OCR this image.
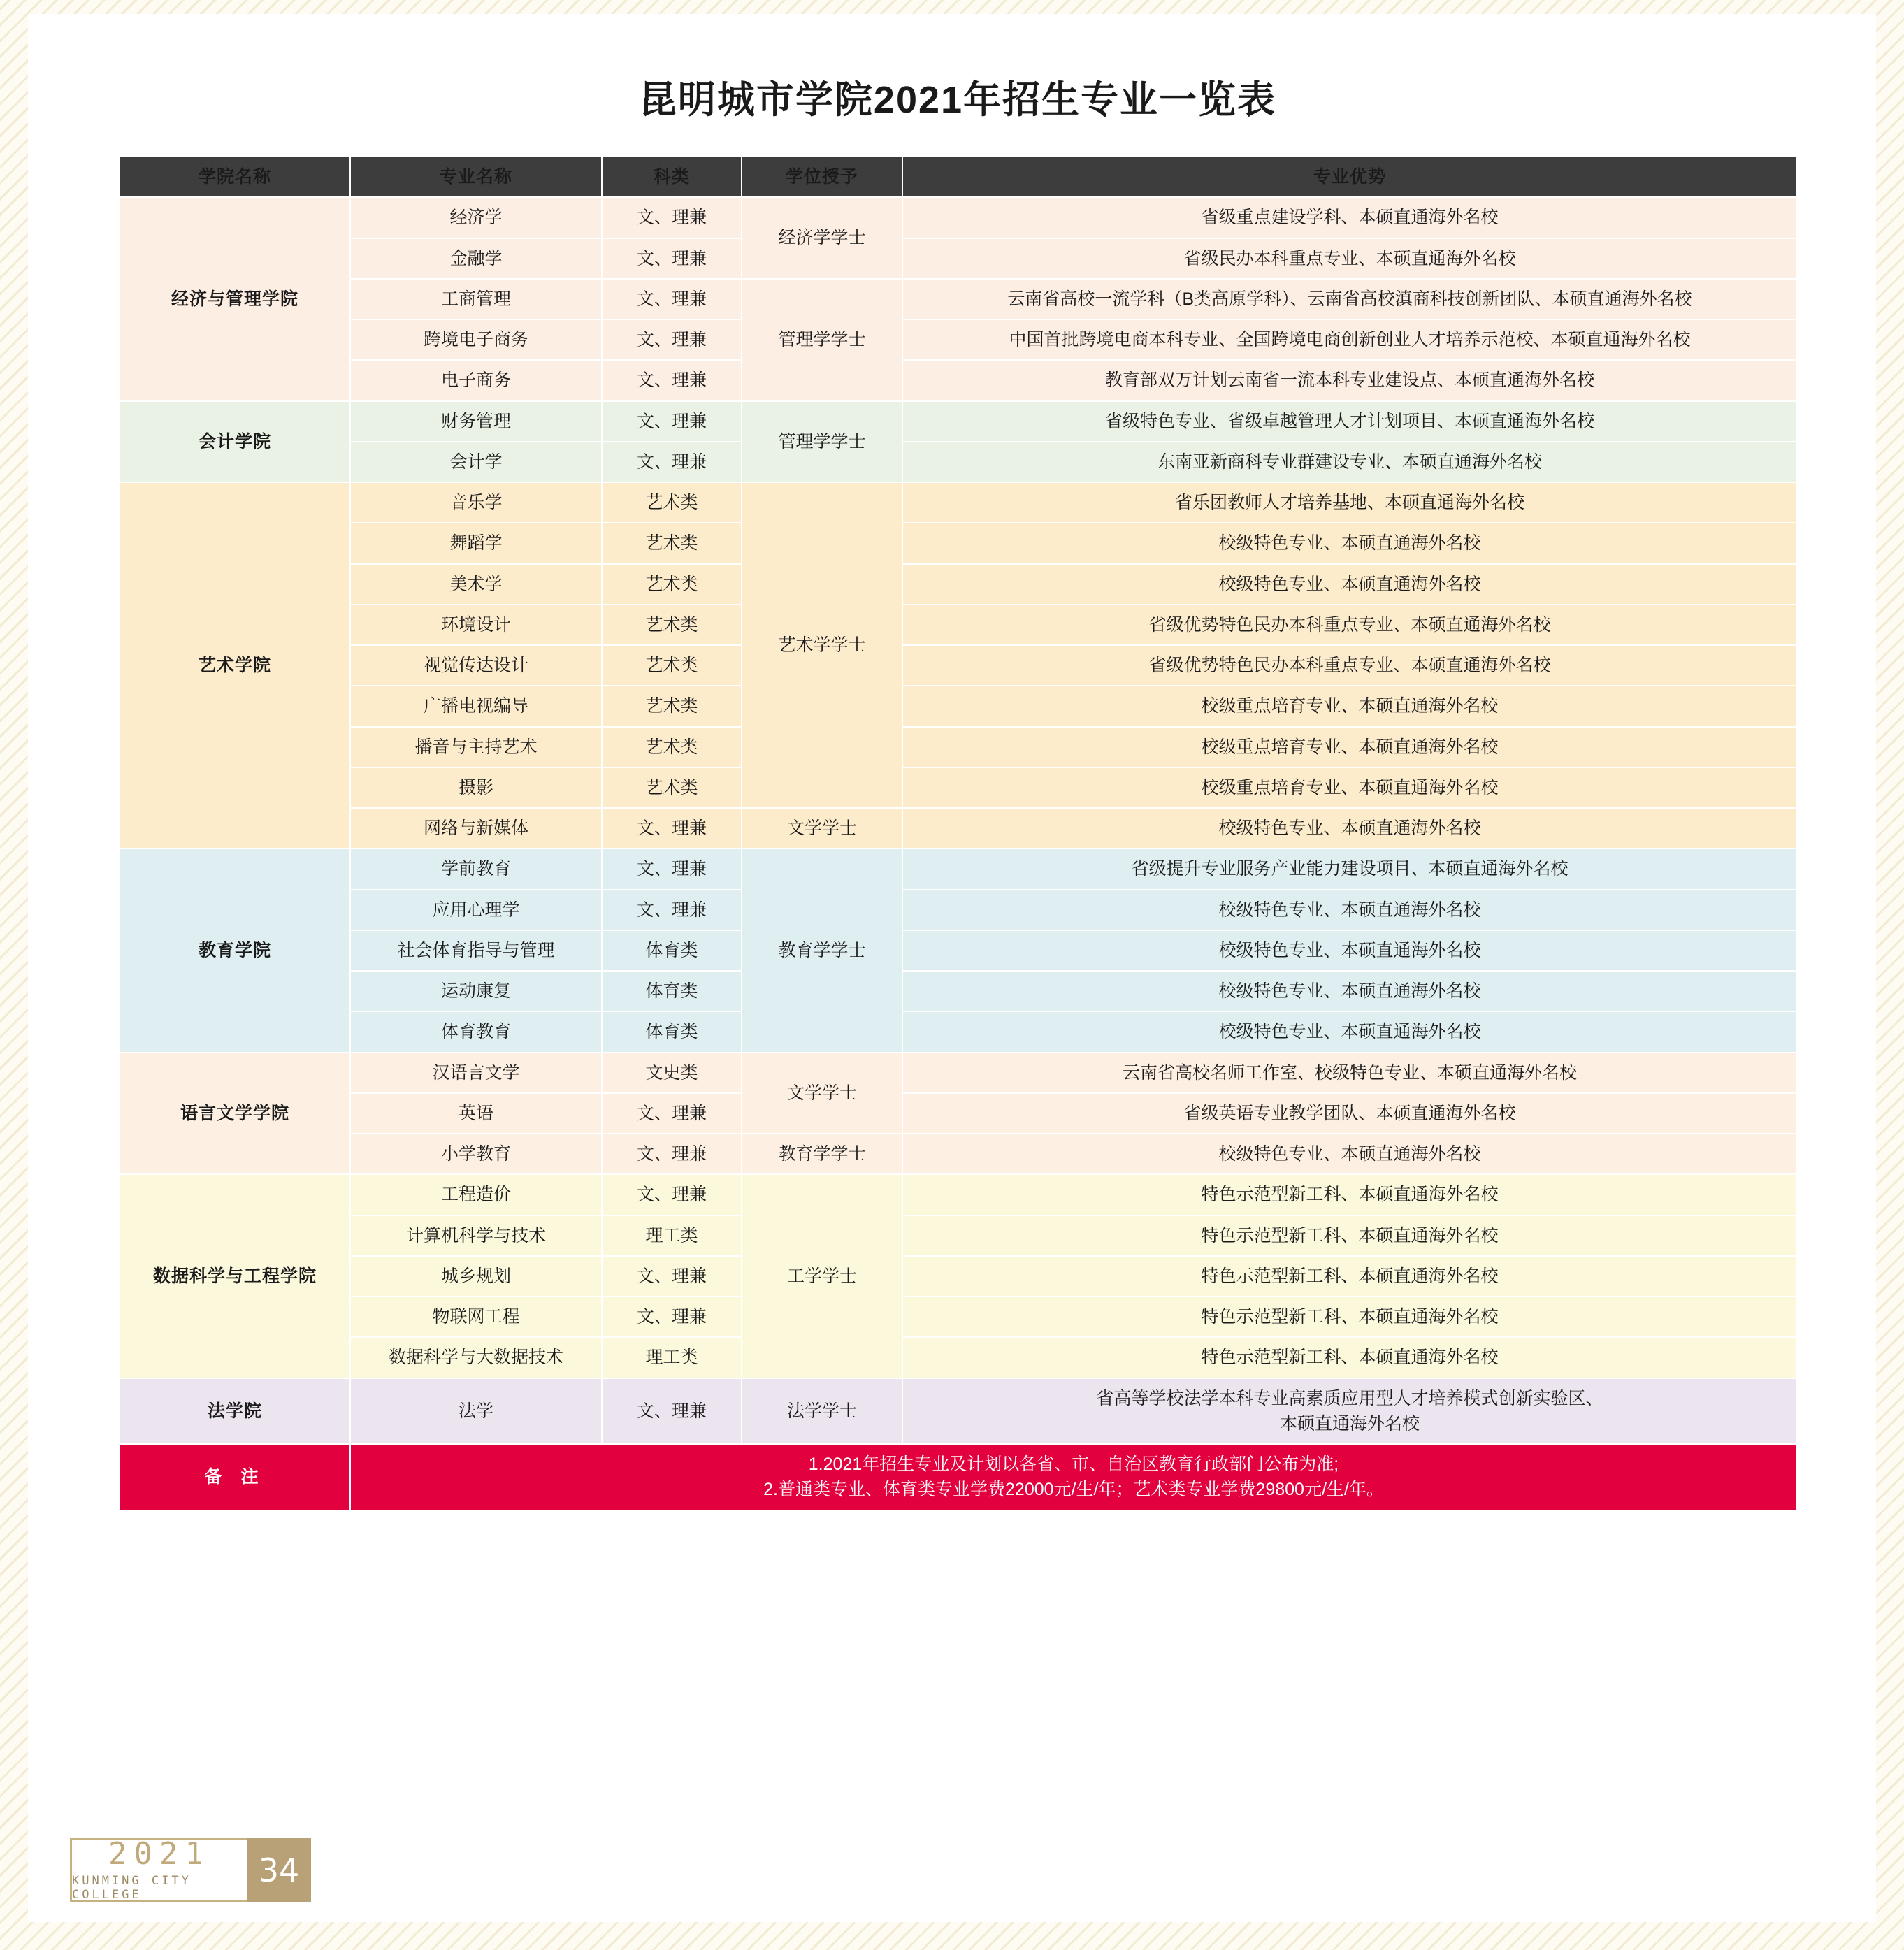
昆明城市学院2021年招生专业一览表
学院名称	专业名称	科类	学位授予	专业优势
经济与管理学院	经济学	文、理兼	经济学学士	省级重点建设学科、本硕直通海外名校
	金融学	文、理兼		省级民办本科重点专业、本硕直通海外名校
	工商管理	文、理兼	管理学学士	云南省高校一流学科（B类高原学科）、云南省高校滇商科技创新团队、本硕直通海外名校
	跨境电子商务	文、理兼		中国首批跨境电商本科专业、全国跨境电商创新创业人才培养示范校、本硕直通海外名校
	电子商务	文、理兼		教育部双万计划云南省一流本科专业建设点、本硕直通海外名校
会计学院	财务管理	文、理兼	管理学学士	省级特色专业、省级卓越管理人才计划项目、本硕直通海外名校
	会计学	文、理兼		东南亚新商科专业群建设专业、本硕直通海外名校
艺术学院	音乐学	艺术类	艺术学学士	省乐团教师人才培养基地、本硕直通海外名校
	舞蹈学	艺术类		校级特色专业、本硕直通海外名校
	美术学	艺术类		校级特色专业、本硕直通海外名校
	环境设计	艺术类		省级优势特色民办本科重点专业、本硕直通海外名校
	视觉传达设计	艺术类		省级优势特色民办本科重点专业、本硕直通海外名校
	广播电视编导	艺术类		校级重点培育专业、本硕直通海外名校
	播音与主持艺术	艺术类		校级重点培育专业、本硕直通海外名校
	摄影	艺术类		校级重点培育专业、本硕直通海外名校
	网络与新媒体	文、理兼	文学学士	校级特色专业、本硕直通海外名校
教育学院	学前教育	文、理兼	教育学学士	省级提升专业服务产业能力建设项目、本硕直通海外名校
	应用心理学	文、理兼		校级特色专业、本硕直通海外名校
	社会体育指导与管理	体育类		校级特色专业、本硕直通海外名校
	运动康复	体育类		校级特色专业、本硕直通海外名校
	体育教育	体育类		校级特色专业、本硕直通海外名校
语言文学学院	汉语言文学	文史类	文学学士	云南省高校名师工作室、校级特色专业、本硕直通海外名校
	英语	文、理兼		省级英语专业教学团队、本硕直通海外名校
	小学教育	文、理兼	教育学学士	校级特色专业、本硕直通海外名校
数据科学与工程学院	工程造价	文、理兼	工学学士	特色示范型新工科、本硕直通海外名校
	计算机科学与技术	理工类		特色示范型新工科、本硕直通海外名校
	城乡规划	文、理兼		特色示范型新工科、本硕直通海外名校
	物联网工程	文、理兼		特色示范型新工科、本硕直通海外名校
	数据科学与大数据技术	理工类		特色示范型新工科、本硕直通海外名校
法学院	法学	文、理兼	法学学士	省高等学校法学本科专业高素质应用型人才培养模式创新实验区、
本硕直通海外名校
备 注	1.2021年招生专业及计划以各省、市、自治区教育行政部门公布为准;
2.普通类专业、体育类专业学费22000元/生/年；艺术类专业学费29800元/生/年。			
2021
KUNMING CITY COLLEGE
34
